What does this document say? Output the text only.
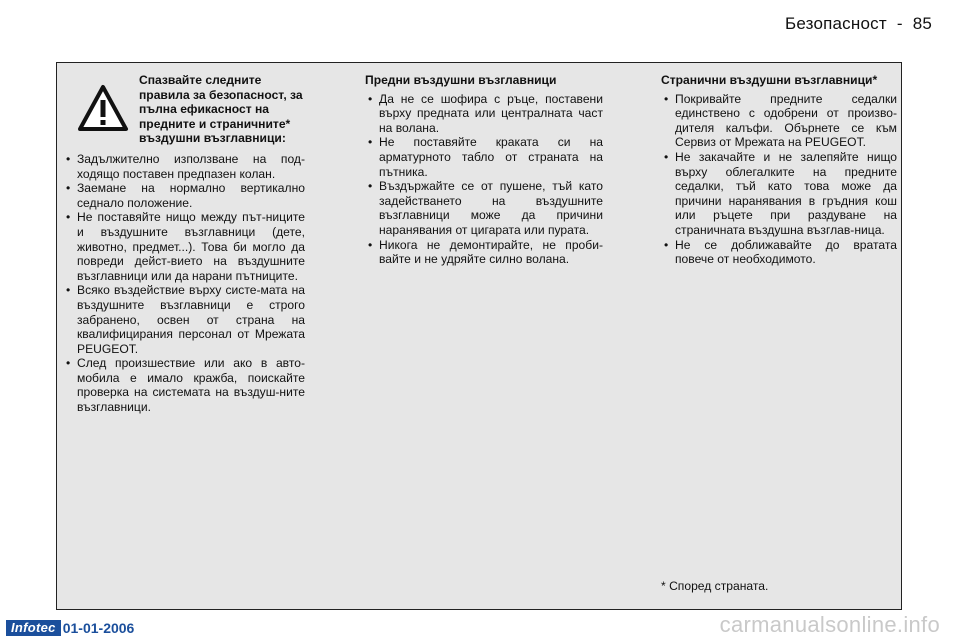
Безопасност - 85
Спазвайте следните правила за безопасност, за пълна ефикасност на предните и страничните* въздушни възглавници:
• Задължително използване на под-ходящо поставен предпазен колан.
• Заемане на нормално вертикално седнало положение.
• Не поставяйте нищо между път-ниците и въздушните възглавници (дете, животно, предмет...). Това би могло да повреди дейст-вието на въздушните възглавници или да нарани пътниците.
• Всяко въздействие върху систе-мата на въздушните възглавници е строго забранено, освен от страна на квалифицирания персонал от Мрежата PEUGEOT.
• След произшествие или ако в авто-мобила е имало кражба, поискайте проверка на системата на въздуш-ните възглавници.
Предни въздушни възглавници
• Да не се шофира с ръце, поставени върху предната или централната част на волана.
• Не поставяйте краката си на арматурното табло от страната на пътника.
• Въздържайте се от пушене, тъй като задействането на въздушните възглавници може да причини наранявания от цигарата или пурата.
• Никога не демонтирайте, не проби-вайте и не удряйте силно волана.
Странични въздушни възглавници*
• Покривайте предните седалки единствено с одобрени от произво-дителя калъфи. Обърнете се към Сервиз от Мрежата на PEUGEOT.
• Не закачайте и не залепяйте нищо върху облегалките на предните седалки, тъй като това може да причини наранявания в гръдния кош или ръцете при раздуване на страничната въздушна възглав-ница.
• Не се доближавайте до вратата повече от необходимото.
* Според страната.
Infotec 01-01-2006	carmanualsonline.info
